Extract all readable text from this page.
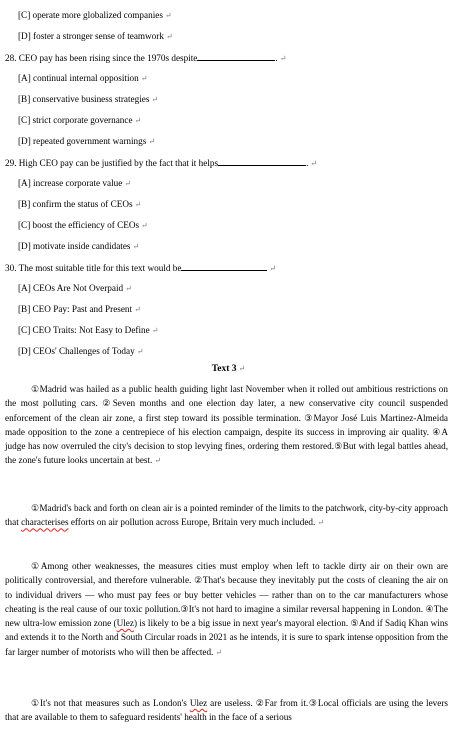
[C] operate more globalized companies ↵
[D] foster a stronger sense of teamwork ↵
28. CEO pay has been rising since the 1970s despite	. ↵
[A] continual internal opposition ↵
[B] conservative business strategies ↵
[C] strict corporate governance ↵
[D] repeated government warnings ↵
29. High CEO pay can be justified by the fact that it helps	. ↵
[A] increase corporate value ↵
[B] confirm the status of CEOs ↵
[C] boost the efficiency of CEOs ↵
[D] motivate inside candidates ↵
30. The most suitable title for this text would be	↵
[A] CEOs Are Not Overpaid ↵
[B] CEO Pay: Past and Present ↵
[C] CEO Traits: Not Easy to Define ↵
[D] CEOs' Challenges of Today ↵
Text 3 ↵

①Madrid was hailed as a public health guiding light last November when it rolled out ambitious restrictions on the most polluting cars. ②Seven months and one election day later, a new conservative city council suspended enforcement of the clean air zone, a first step toward its possible termination. ③Mayor José Luis Martinez-Almeida made opposition to the zone a centrepiece of his election campaign, despite its success in improving air quality. ④A judge has now overruled the city's decision to stop levying fines, ordering them restored.⑤But with legal battles ahead, the zone's future looks uncertain at best. ↵

①Madrid's back and forth on clean air is a pointed reminder of the limits to the patchwork, city-by-city approach that characterises efforts on air pollution across Europe, Britain very much included. ↵

①Among other weaknesses, the measures cities must employ when left to tackle dirty air on their own are politically controversial, and therefore vulnerable. ②That's because they inevitably put the costs of cleaning the air on to individual drivers — who must pay fees or buy better vehicles — rather than on to the car manufacturers whose cheating is the real cause of our toxic pollution.③It's not hard to imagine a similar reversal happening in London. ④The new ultra-low emission zone (Ulez) is likely to be a big issue in next year's mayoral election. ⑤And if Sadiq Khan wins and extends it to the North and South Circular roads in 2021 as he intends, it is sure to spark intense opposition from the far larger number of motorists who will then be affected. ↵

①It's not that measures such as London's Ulez are useless. ②Far from it.③Local officials are using the levers that are available to them to safeguard residents' health in the face of a serious
